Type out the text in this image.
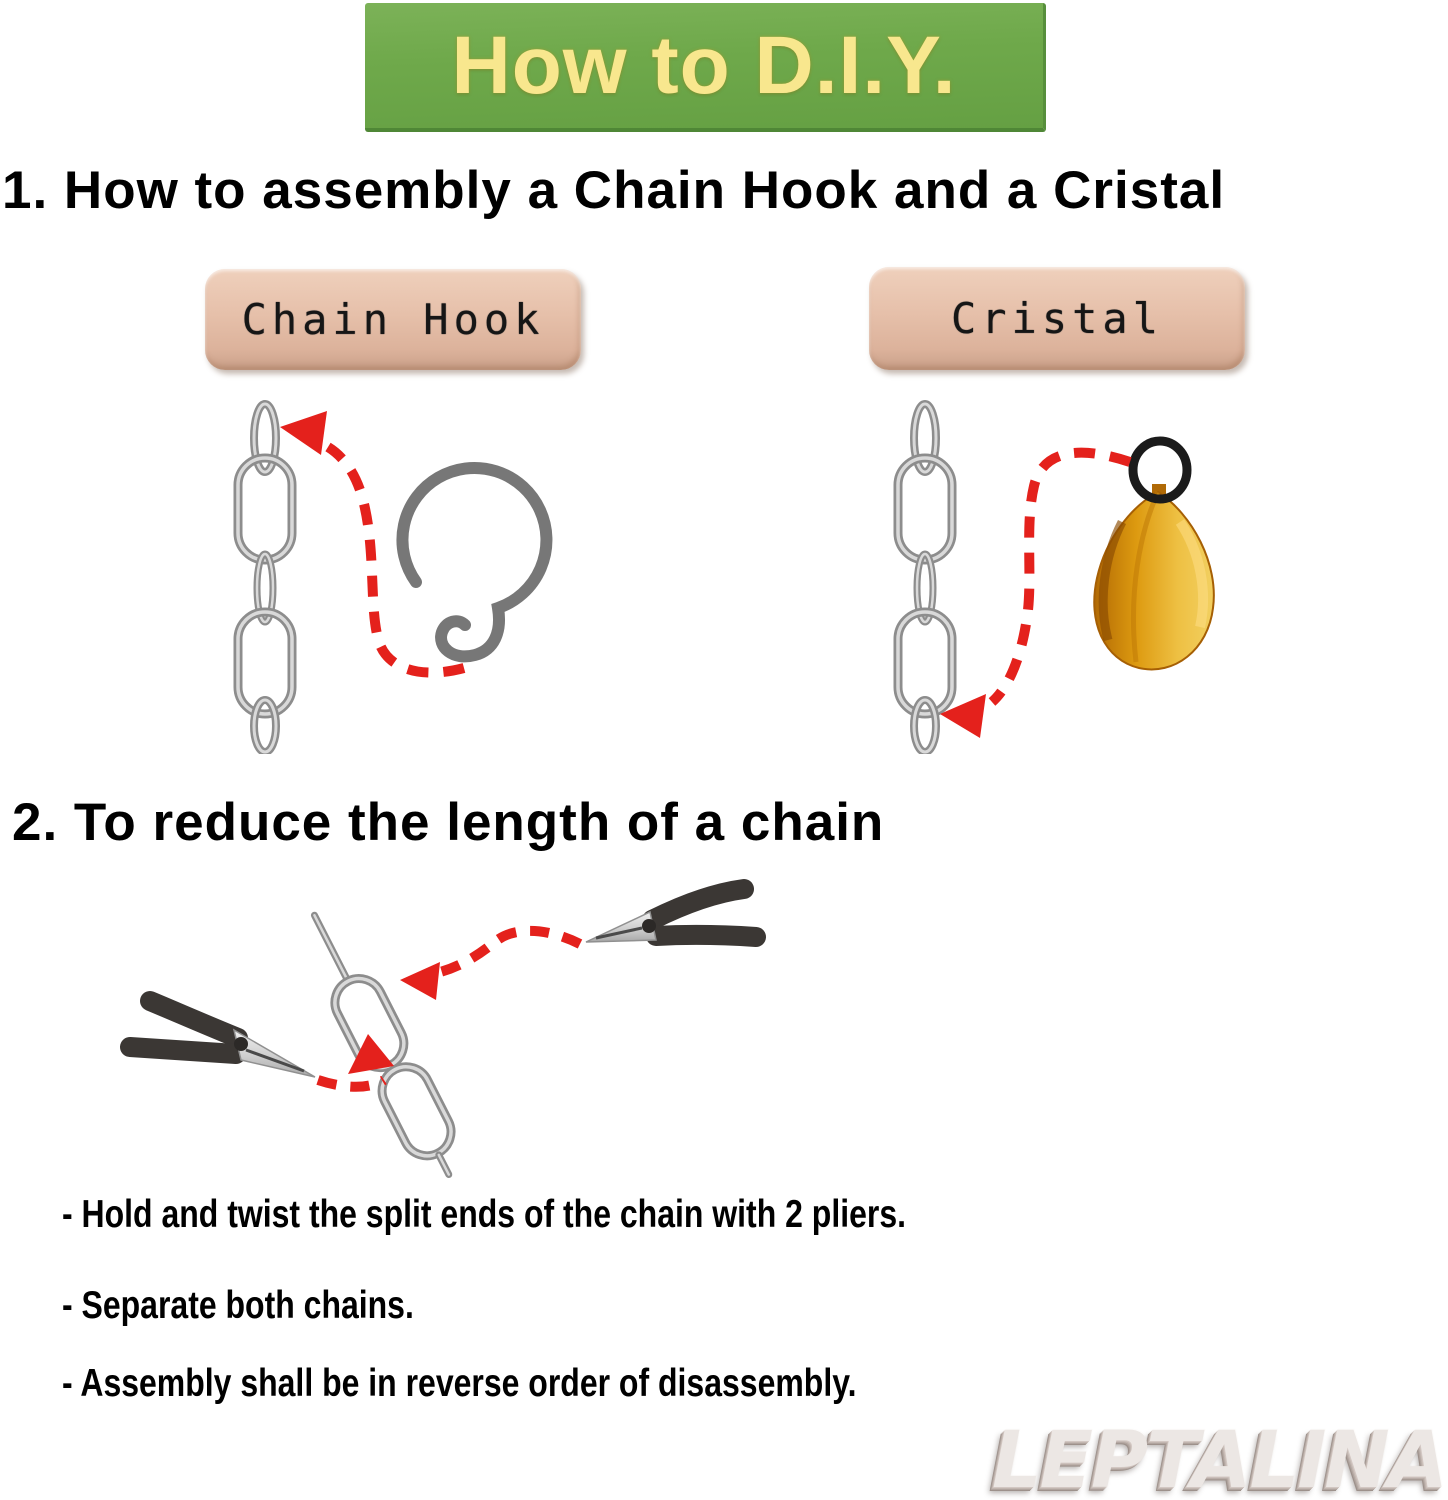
How to D.I.Y.
1. How to assembly a Chain Hook and a Cristal
Chain Hook	Cristal
2. To reduce the length of a chain
- Hold and twist the split ends of the chain with 2 pliers.
- Separate both chains.
- Assembly shall be in reverse order of disassembly.
LEPTALINA
